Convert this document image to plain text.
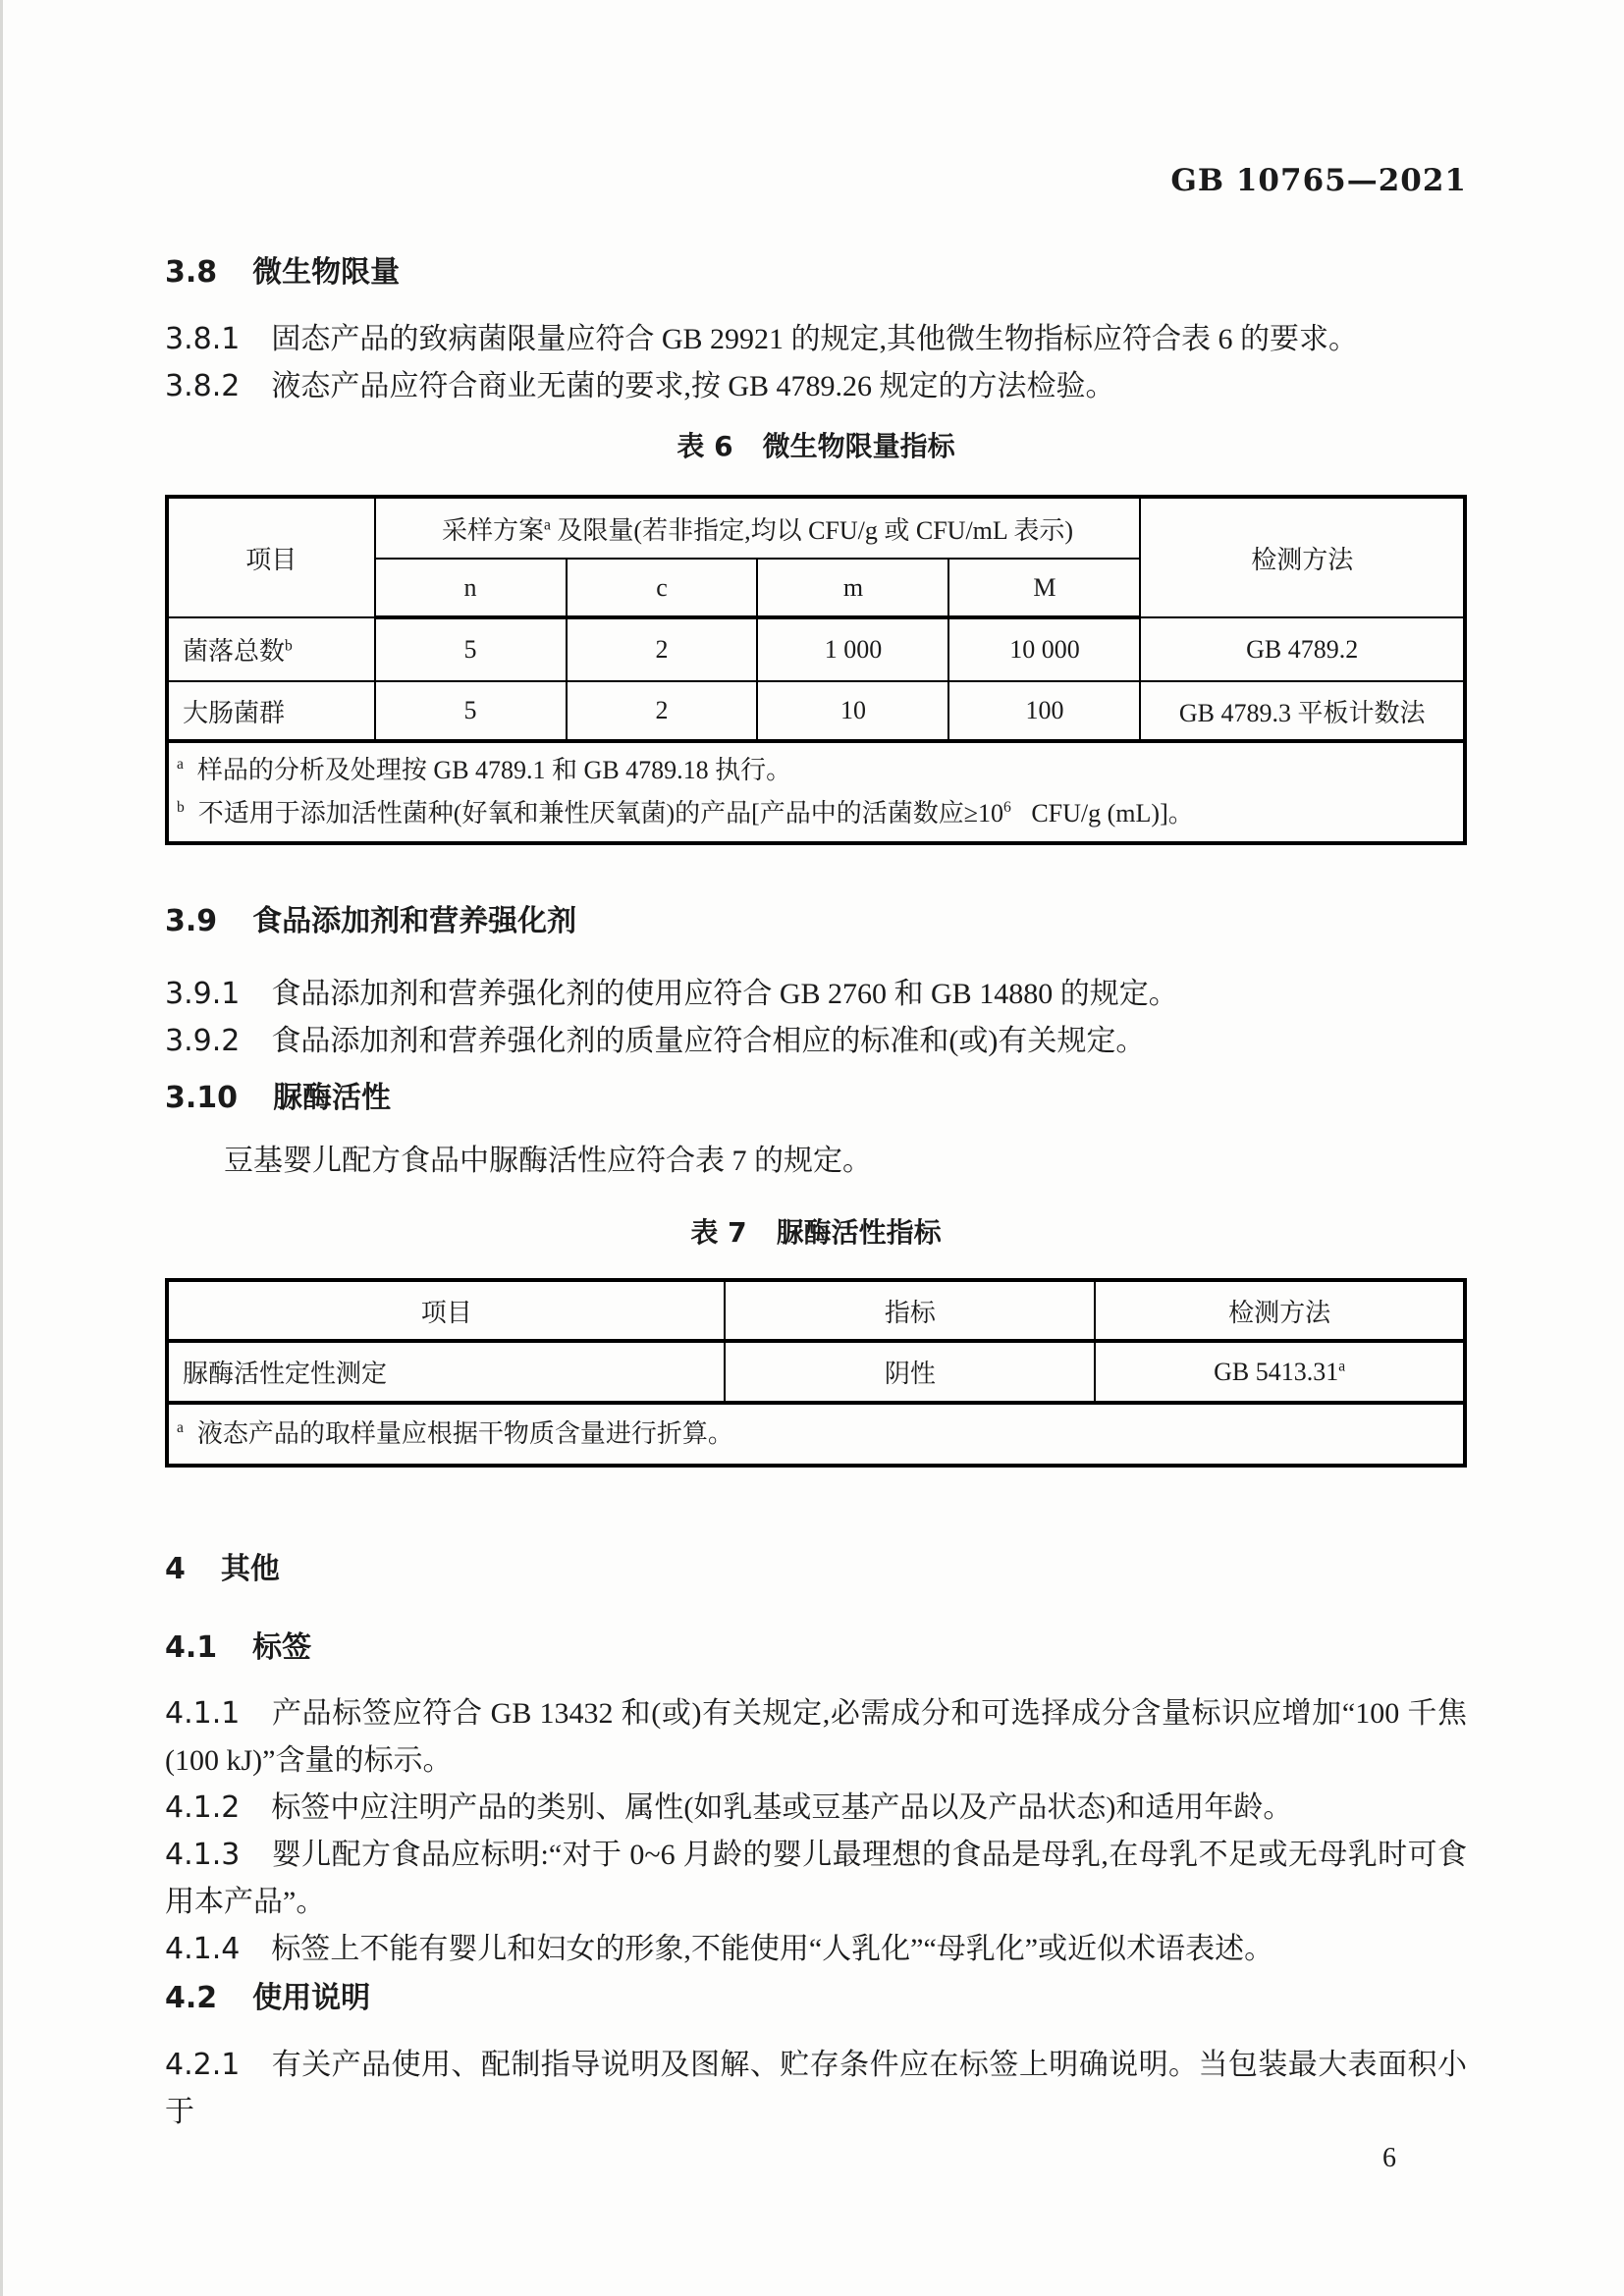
GB 10765—2021
3.8 微生物限量

3.8.1 固态产品的致病菌限量应符合 GB 29921 的规定,其他微生物指标应符合表 6 的要求。

3.8.2 液态产品应符合商业无菌的要求,按 GB 4789.26 规定的方法检验。

表 6 微生物限量指标
项目	采样方案$^a$ 及限量(若非指定,均以 CFU/g 或 CFU/mL 表示)				检测方法
	n	c	m	M	
菌落总数$^b$	5	2	1 000	10 000	GB 4789.2
大肠菌群	5	2	10	100	GB 4789.3 平板计数法

$^a$ 样品的分析及处理按 GB 4789.1 和 GB 4789.18 执行。
$^b$ 不适用于添加活性菌种(好氧和兼性厌氧菌)的产品[产品中的活菌数应$\ge 10^6$ CFU/g (mL)]。					
3.9 食品添加剂和营养强化剂

3.9.1 食品添加剂和营养强化剂的使用应符合 GB 2760 和 GB 14880 的规定。

3.9.2 食品添加剂和营养强化剂的质量应符合相应的标准和(或)有关规定。

3.10 脲酶活性

豆基婴儿配方食品中脲酶活性应符合表 7 的规定。

表 7 脲酶活性指标
项目	指标	检测方法
脲酶活性定性测定	阴性	GB 5413.31$^a$

$^a$ 液态产品的取样量应根据干物质含量进行折算。		
4 其他
4.1 标签

4.1.1 产品标签应符合 GB 13432 和(或)有关规定,必需成分和可选择成分含量标识应增加“100 千焦 (100 kJ)”含量的标示。

4.1.2 标签中应注明产品的类别、属性(如乳基或豆基产品以及产品状态)和适用年龄。

4.1.3 婴儿配方食品应标明:“对于 0~6 月龄的婴儿最理想的食品是母乳,在母乳不足或无母乳时可食用本产品”。

4.1.4 标签上不能有婴儿和妇女的形象,不能使用“人乳化”“母乳化”或近似术语表述。

4.2 使用说明

4.2.1 有关产品使用、配制指导说明及图解、贮存条件应在标签上明确说明。当包装最大表面积小于

6
